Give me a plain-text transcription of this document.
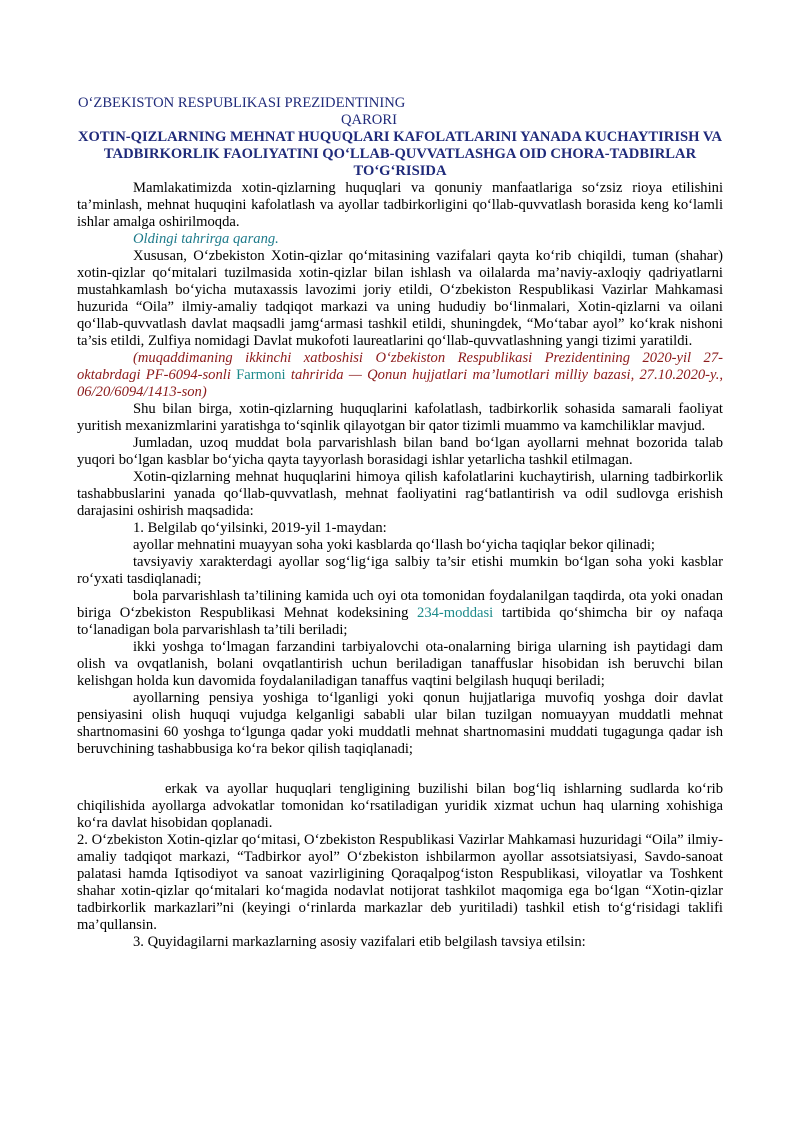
O‘ZBEKISTON RESPUBLIKASI PREZIDENTINING
QARORI

XOTIN-QIZLARNING MEHNAT HUQUQLARI KAFOLATLARINI YANADA KUCHAYTIRISH VA TADBIRKORLIK FAOLIYATINI QO‘LLAB-QUVVATLASHGA OID CHORA-TADBIRLAR TO‘G‘RISIDA

Mamlakatimizda xotin-qizlarning huquqlari va qonuniy manfaatlariga so‘zsiz rioya etilishini ta’minlash, mehnat huquqini kafolatlash va ayollar tadbirkorligini qo‘llab-quvvatlash borasida keng ko‘lamli ishlar amalga oshirilmoqda.

Oldingi tahrirga qarang.

Xususan, O‘zbekiston Xotin-qizlar qo‘mitasining vazifalari qayta ko‘rib chiqildi, tuman (shahar) xotin-qizlar qo‘mitalari tuzilmasida xotin-qizlar bilan ishlash va oilalarda ma’naviy-axloqiy qadriyatlarni mustahkamlash bo‘yicha mutaxassis lavozimi joriy etildi, O‘zbekiston Respublikasi Vazirlar Mahkamasi huzurida “Oila” ilmiy-amaliy tadqiqot markazi va uning hududiy bo‘linmalari, Xotin-qizlarni va oilani qo‘llab-quvvatlash davlat maqsadli jamg‘armasi tashkil etildi, shuningdek, “Mo‘tabar ayol” ko‘krak nishoni ta’sis etildi, Zulfiya nomidagi Davlat mukofoti laureatlarini qo‘llab-quvvatlashning yangi tizimi yaratildi.

(muqaddimaning ikkinchi xatboshisi O‘zbekiston Respublikasi Prezidentining 2020-yil 27-oktabrdagi PF-6094-sonli Farmoni tahririda — Qonun hujjatlari ma’lumotlari milliy bazasi, 27.10.2020-y., 06/20/6094/1413-son)

Shu bilan birga, xotin-qizlarning huquqlarini kafolatlash, tadbirkorlik sohasida samarali faoliyat yuritish mexanizmlarini yaratishga to‘sqinlik qilayotgan bir qator tizimli muammo va kamchiliklar mavjud.

Jumladan, uzoq muddat bola parvarishlash bilan band bo‘lgan ayollarni mehnat bozorida talab yuqori bo‘lgan kasblar bo‘yicha qayta tayyorlash borasidagi ishlar yetarlicha tashkil etilmagan.

Xotin-qizlarning mehnat huquqlarini himoya qilish kafolatlarini kuchaytirish, ularning tadbirkorlik tashabbuslarini yanada qo‘llab-quvvatlash, mehnat faoliyatini rag‘batlantirish va odil sudlovga erishish darajasini oshirish maqsadida:

1. Belgilab qo‘yilsinki, 2019-yil 1-maydan:

ayollar mehnatini muayyan soha yoki kasblarda qo‘llash bo‘yicha taqiqlar bekor qilinadi;

tavsiyaviy xarakterdagi ayollar sog‘lig‘iga salbiy ta’sir etishi mumkin bo‘lgan soha yoki kasblar ro‘yxati tasdiqlanadi;

bola parvarishlash ta’tilining kamida uch oyi ota tomonidan foydalanilgan taqdirda, ota yoki onadan biriga O‘zbekiston Respublikasi Mehnat kodeksining 234-moddasi tartibida qo‘shimcha bir oy nafaqa to‘lanadigan bola parvarishlash ta’tili beriladi;

ikki yoshga to‘lmagan farzandini tarbiyalovchi ota-onalarning biriga ularning ish paytidagi dam olish va ovqatlanish, bolani ovqatlantirish uchun beriladigan tanaffuslar hisobidan ish beruvchi bilan kelishgan holda kun davomida foydalaniladigan tanaffus vaqtini belgilash huquqi beriladi;

ayollarning pensiya yoshiga to‘lganligi yoki qonun hujjatlariga muvofiq yoshga doir davlat pensiyasini olish huquqi vujudga kelganligi sababli ular bilan tuzilgan nomuayyan muddatli mehnat shartnomasini 60 yoshga to‘lgunga qadar yoki muddatli mehnat shartnomasini muddati tugagunga qadar ish beruvchining tashabbusiga ko‘ra bekor qilish taqiqlanadi;

erkak va ayollar huquqlari tengligining buzilishi bilan bog‘liq ishlarning sudlarda ko‘rib chiqilishida ayollarga advokatlar tomonidan ko‘rsatiladigan yuridik xizmat uchun haq ularning xohishiga ko‘ra davlat hisobidan qoplanadi.

2. O‘zbekiston Xotin-qizlar qo‘mitasi, O‘zbekiston Respublikasi Vazirlar Mahkamasi huzuridagi “Oila” ilmiy-amaliy tadqiqot markazi, “Tadbirkor ayol” O‘zbekiston ishbilarmon ayollar assotsiatsiyasi, Savdo-sanoat palatasi hamda Iqtisodiyot va sanoat vazirligining Qoraqalpog‘iston Respublikasi, viloyatlar va Toshkent shahar xotin-qizlar qo‘mitalari ko‘magida nodavlat notijorat tashkilot maqomiga ega bo‘lgan “Xotin-qizlar tadbirkorlik markazlari”ni (keyingi o‘rinlarda markazlar deb yuritiladi) tashkil etish to‘g‘risidagi taklifi ma’qullansin.

3. Quyidagilarni markazlarning asosiy vazifalari etib belgilash tavsiya etilsin:
